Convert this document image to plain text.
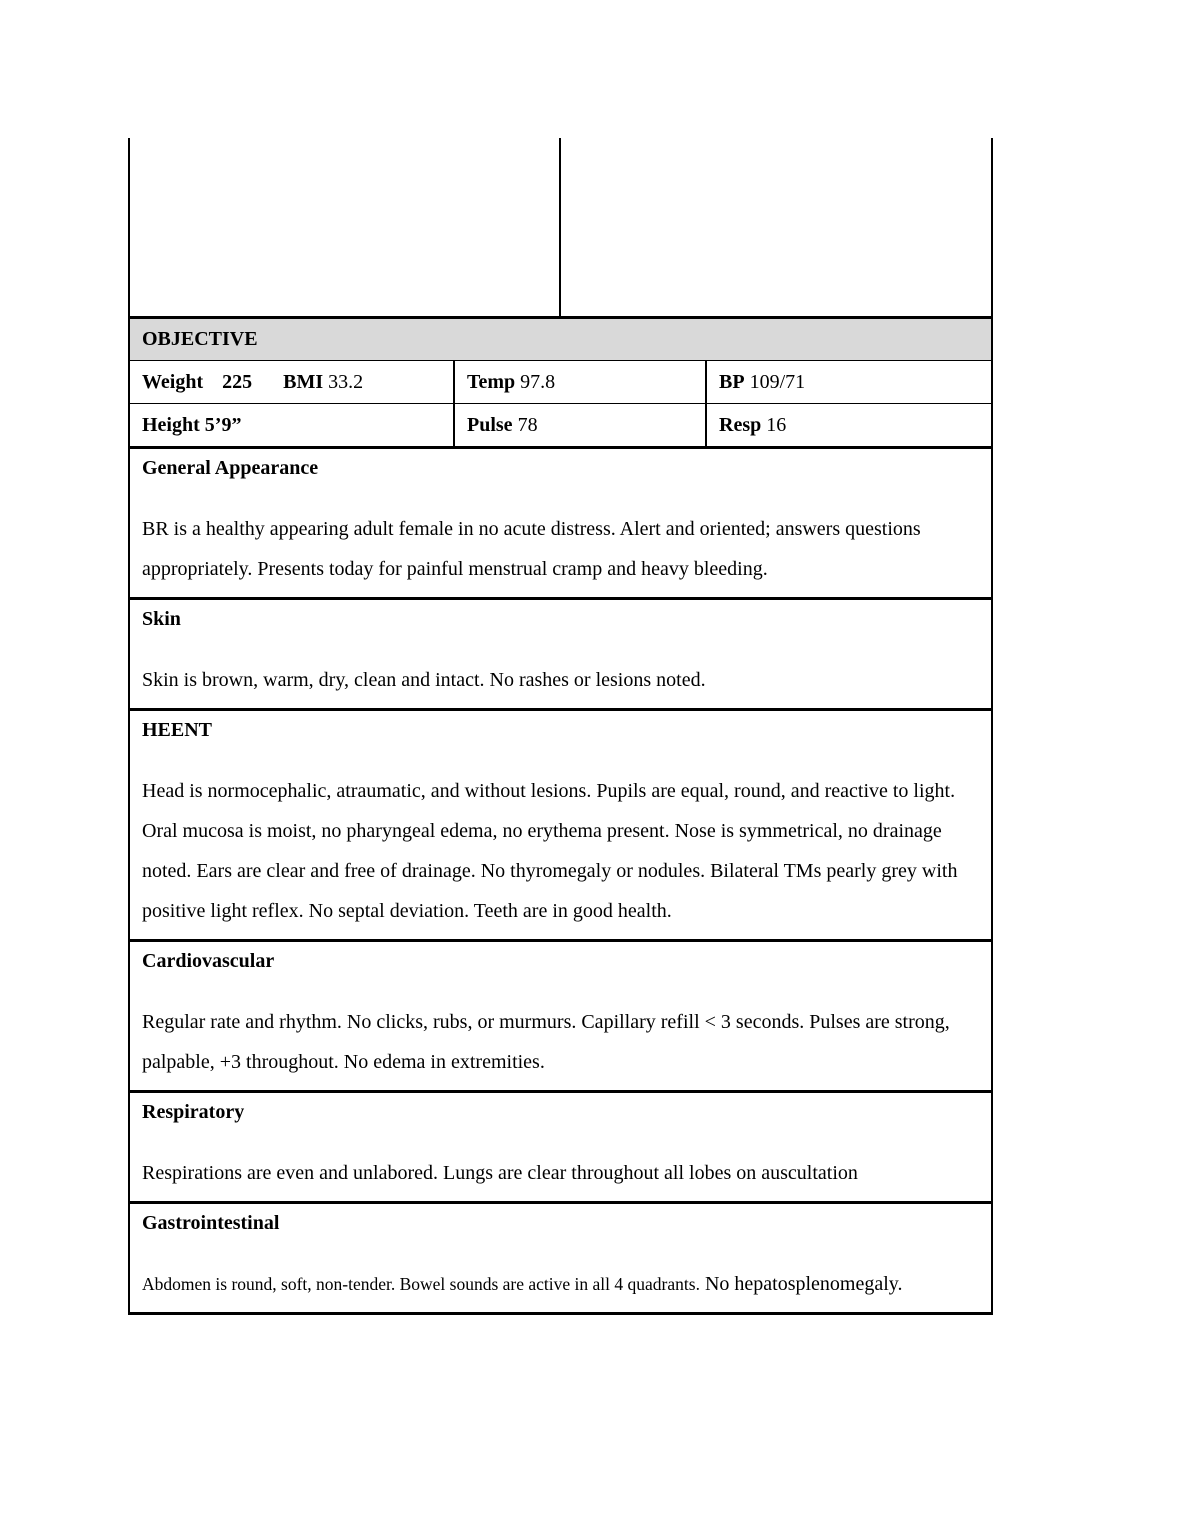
OBJECTIVE
Weight 225 BMI 33.2	Temp 97.8	BP 109/71
Height 5’9”	Pulse 78	Resp 16
General Appearance
BR is a healthy appearing adult female in no acute distress. Alert and oriented; answers questions appropriately. Presents today for painful menstrual cramp and heavy bleeding.
Skin
Skin is brown, warm, dry, clean and intact. No rashes or lesions noted.
HEENT
Head is normocephalic, atraumatic, and without lesions. Pupils are equal, round, and reactive to light. Oral mucosa is moist, no pharyngeal edema, no erythema present. Nose is symmetrical, no drainage noted. Ears are clear and free of drainage. No thyromegaly or nodules. Bilateral TMs pearly grey with positive light reflex. No septal deviation. Teeth are in good health.
Cardiovascular
Regular rate and rhythm. No clicks, rubs, or murmurs. Capillary refill < 3 seconds. Pulses are strong, palpable, +3 throughout. No edema in extremities.
Respiratory
Respirations are even and unlabored. Lungs are clear throughout all lobes on auscultation
Gastrointestinal
Abdomen is round, soft, non-tender. Bowel sounds are active in all 4 quadrants. No hepatosplenomegaly.
